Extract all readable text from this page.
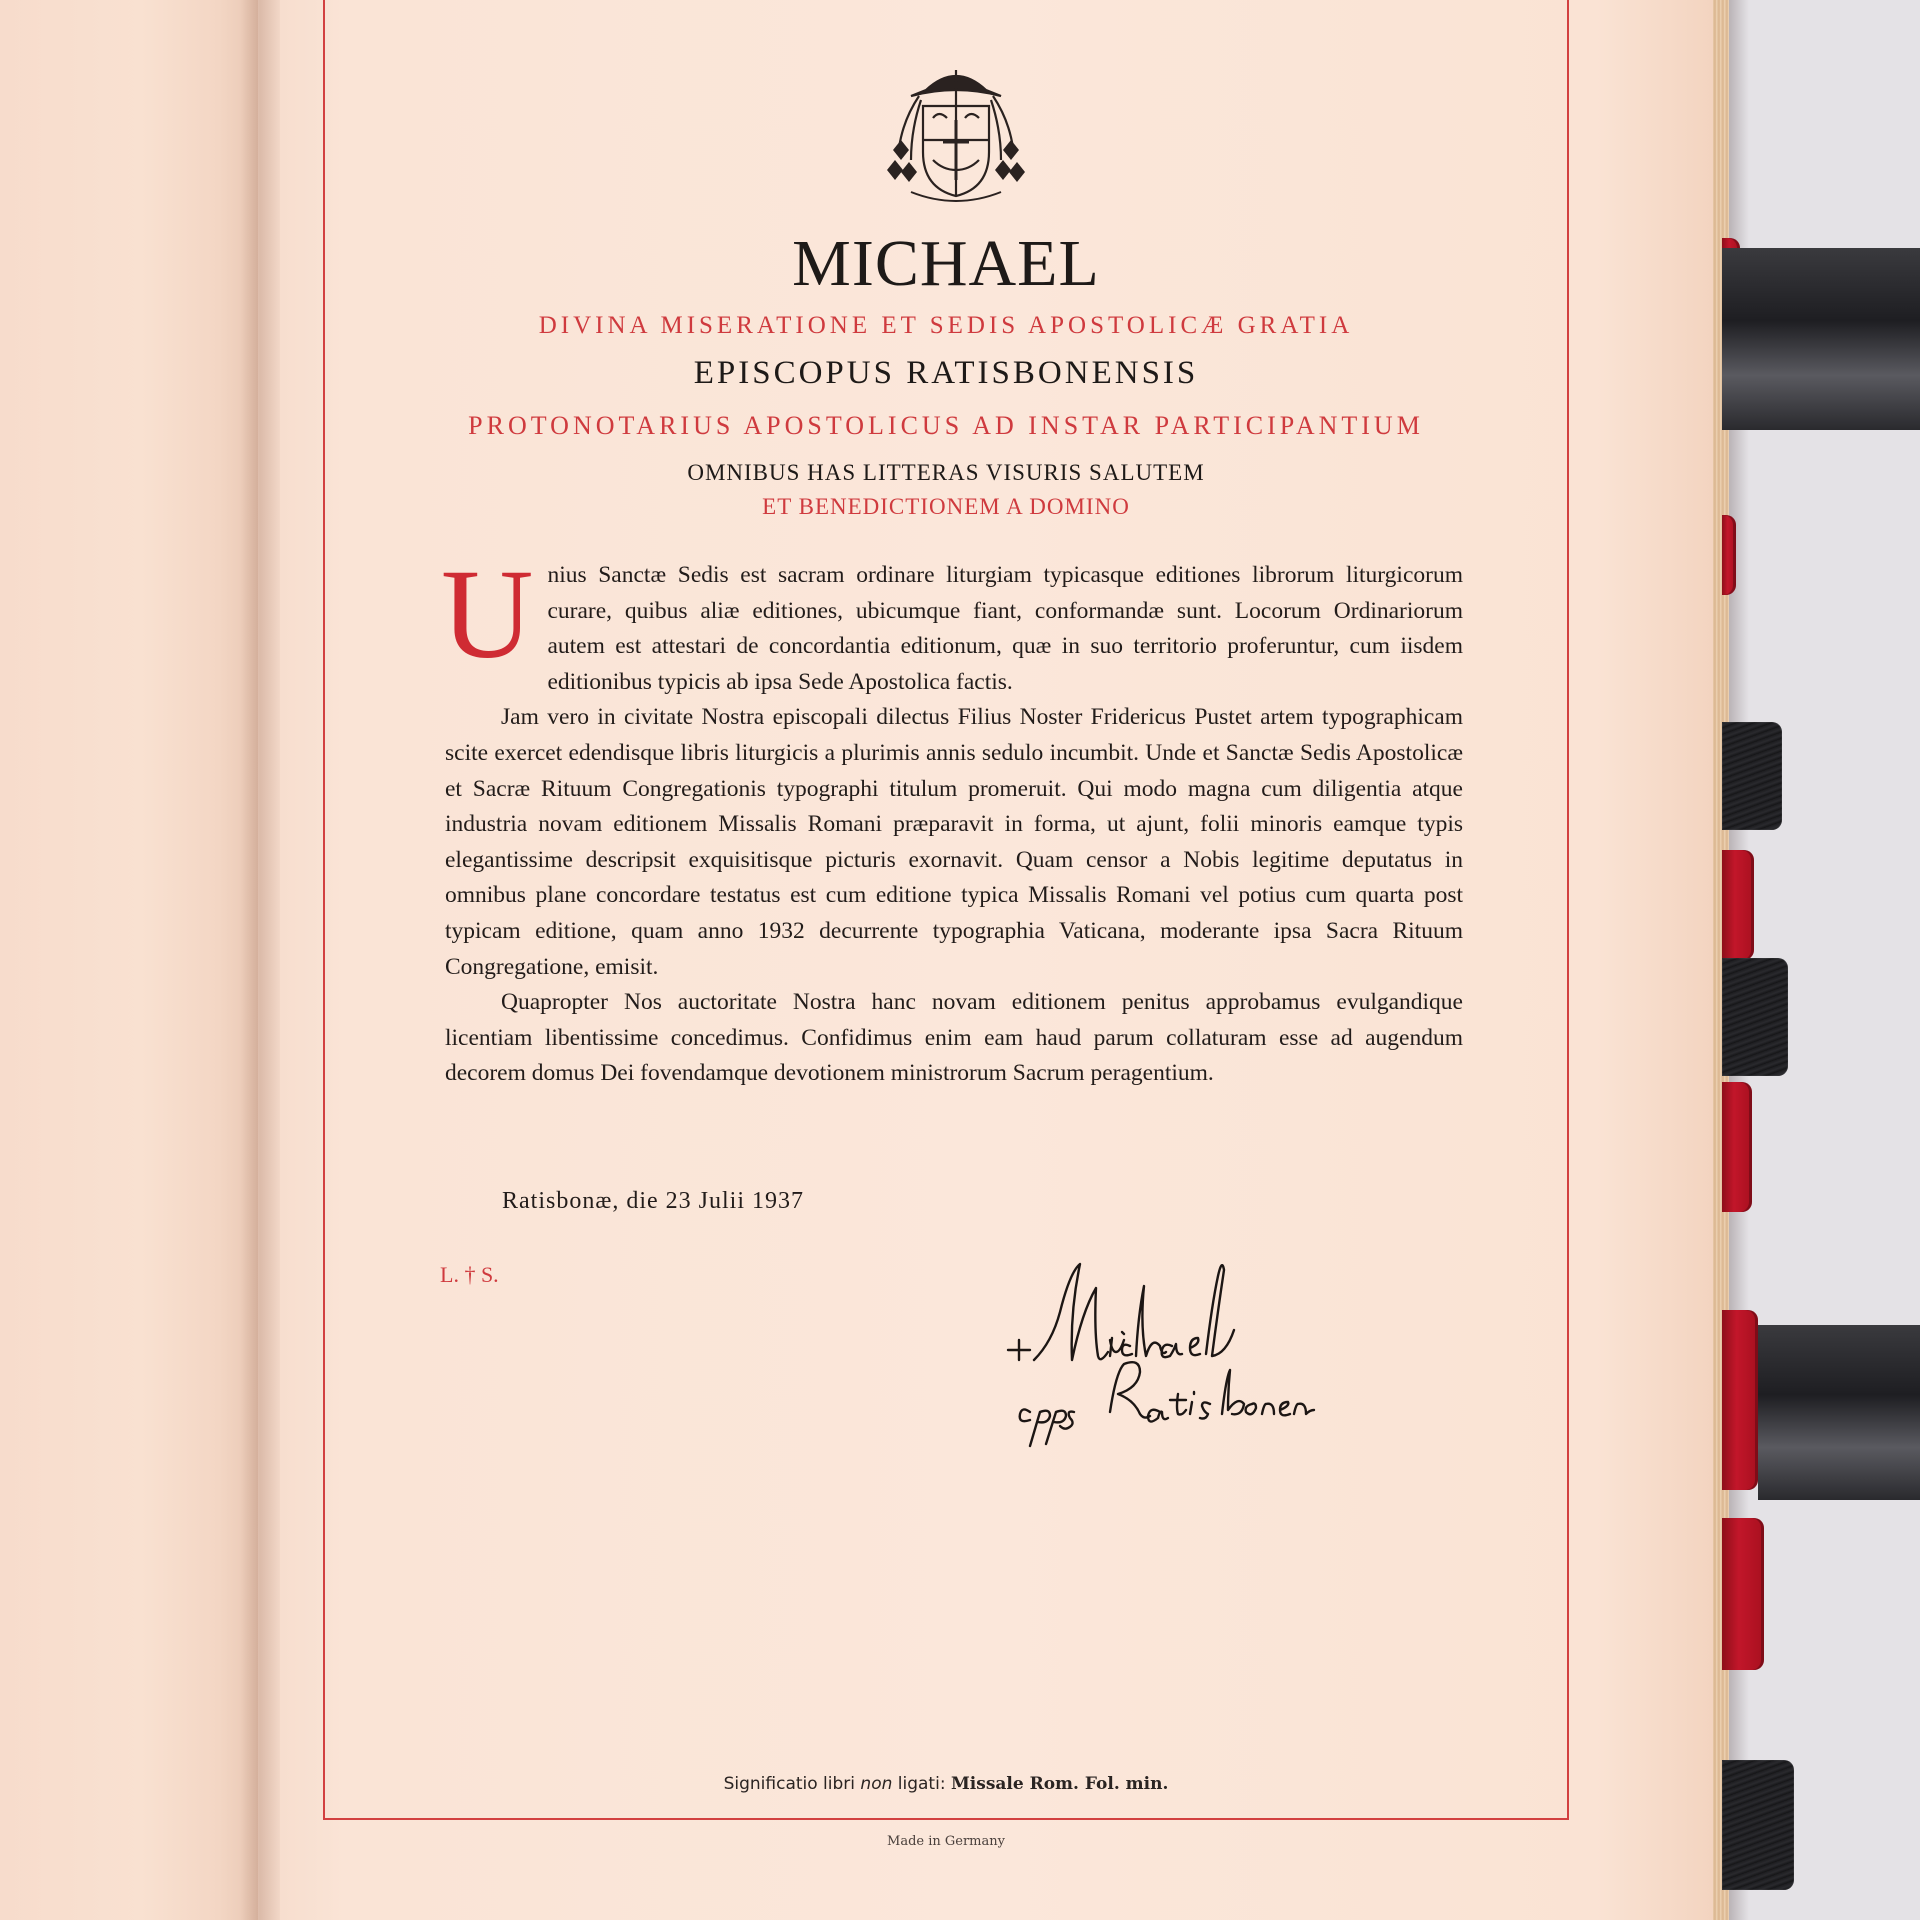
MICHAEL
DIVINA MISERATIONE ET SEDIS APOSTOLICÆ GRATIA
EPISCOPUS RATISBONENSIS
PROTONOTARIUS APOSTOLICUS AD INSTAR PARTICIPANTIUM
OMNIBUS HAS LITTERAS VISURIS SALUTEM
ET BENEDICTIONEM A DOMINO

Unius Sanctæ Sedis est sacram ordinare liturgiam typicasque editiones librorum liturgicorum curare, quibus aliæ editiones, ubicumque fiant, conformandæ sunt. Locorum Ordinariorum autem est attestari de concordantia editionum, quæ in suo territorio proferuntur, cum iisdem editionibus typicis ab ipsa Sede Apostolica factis.

Jam vero in civitate Nostra episcopali dilectus Filius Noster Fridericus Pustet artem typographicam scite exercet edendisque libris liturgicis a plurimis annis sedulo incumbit. Unde et Sanctæ Sedis Apostolicæ et Sacræ Rituum Congregationis typographi titulum promeruit. Qui modo magna cum diligentia atque industria novam editionem Missalis Romani præparavit in forma, ut ajunt, folii minoris eamque typis elegantissime descripsit exquisitisque picturis exornavit. Quam censor a Nobis legitime deputatus in omnibus plane concordare testatus est cum editione typica Missalis Romani vel potius cum quarta post typicam editione, quam anno 1932 decurrente typographia Vaticana, moderante ipsa Sacra Rituum Congregatione, emisit.

Quapropter Nos auctoritate Nostra hanc novam editionem penitus approbamus evulgandique licentiam libentissime concedimus. Confidimus enim eam haud parum collaturam esse ad augendum decorem domus Dei fovendamque devotionem ministrorum Sacrum peragentium.

Ratisbonæ, die 23 Julii 1937
L. † S.
Significatio libri non ligati: Missale Rom. Fol. min.
Made in Germany
